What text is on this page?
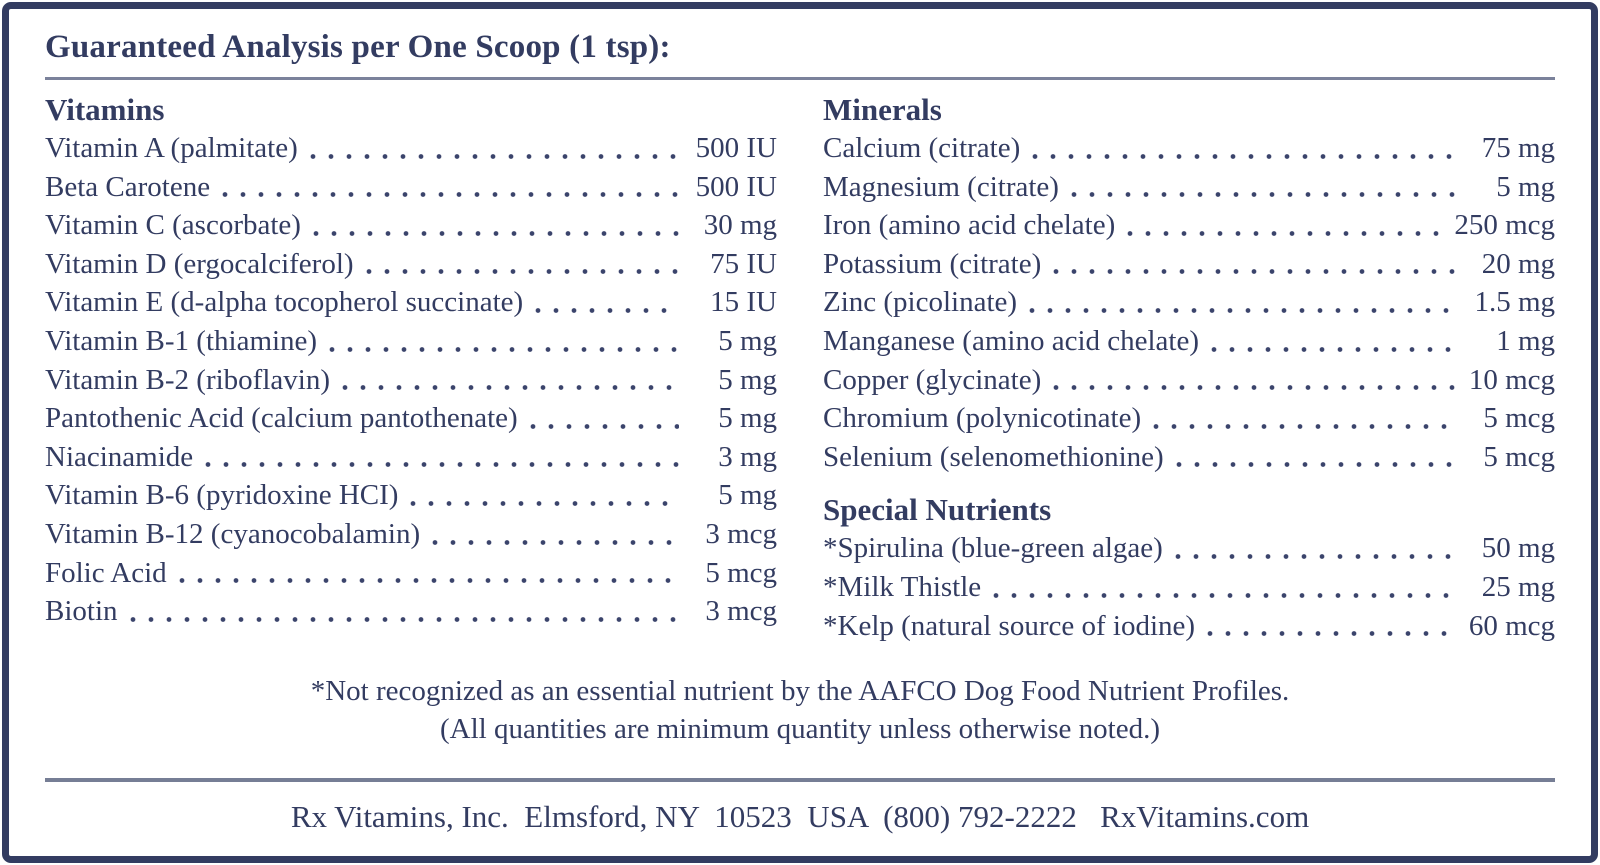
Guaranteed Analysis per One Scoop (1 tsp):
Vitamins
Vitamin A (palmitate)	500 IU
Beta Carotene	500 IU
Vitamin C (ascorbate)	30 mg
Vitamin D (ergocalciferol)	75 IU
Vitamin E (d-alpha tocopherol succinate)	15 IU
Vitamin B-1 (thiamine)	5 mg
Vitamin B-2 (riboflavin)	5 mg
Pantothenic Acid (calcium pantothenate)	5 mg
Niacinamide	3 mg
Vitamin B-6 (pyridoxine HCI)	5 mg
Vitamin B-12 (cyanocobalamin)	3 mcg
Folic Acid	5 mcg
Biotin	3 mcg
Minerals
Calcium (citrate)	75 mg
Magnesium (citrate)	5 mg
Iron (amino acid chelate)	250 mcg
Potassium (citrate)	20 mg
Zinc (picolinate)	1.5 mg
Manganese (amino acid chelate)	1 mg
Copper (glycinate)	10 mcg
Chromium (polynicotinate)	5 mcg
Selenium (selenomethionine)	5 mcg
Special Nutrients
*Spirulina (blue-green algae)	50 mg
*Milk Thistle	25 mg
*Kelp (natural source of iodine)	60 mcg
*Not recognized as an essential nutrient by the AAFCO Dog Food Nutrient Profiles.
(All quantities are minimum quantity unless otherwise noted.)
Rx Vitamins, Inc.  Elmsford, NY  10523  USA  (800) 792-2222   RxVitamins.com
